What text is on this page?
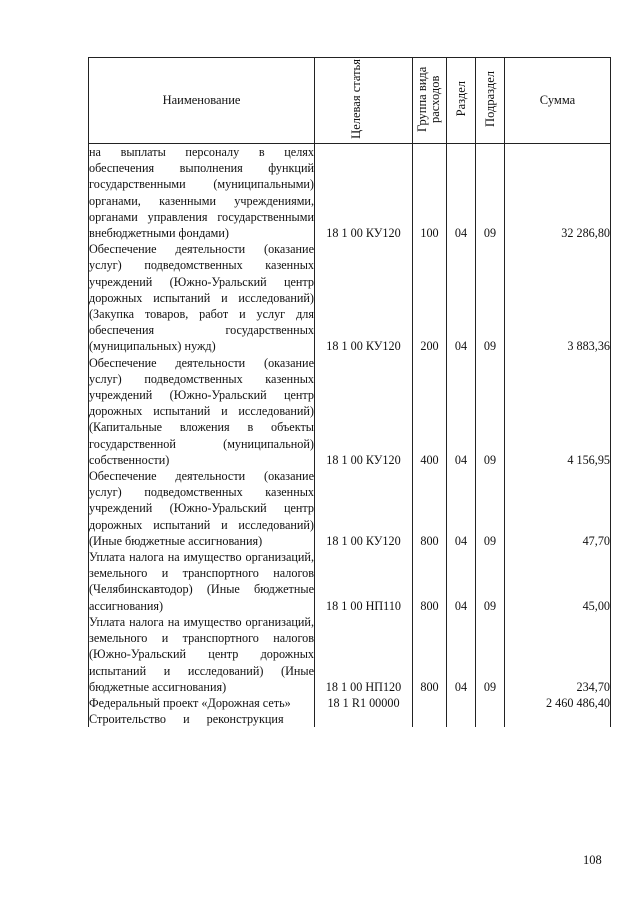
Наименование	Целевая статья	Группа вида расходов	Раздел	Подраздел	Сумма
на выплаты персоналу в целях обеспечения выполнения функций государственными (муниципальными) органами, казенными учреждениями, органами управления государственными внебюджетными фондами)	18 1 00 КУ120	100	04	09	32 286,80
Обеспечение деятельности (оказание услуг) подведомственных казенных учреждений (Южно-Уральский центр дорожных испытаний и исследований) (Закупка товаров, работ и услуг для обеспечения государственных (муниципальных) нужд)	18 1 00 КУ120	200	04	09	3 883,36
Обеспечение деятельности (оказание услуг) подведомственных казенных учреждений (Южно-Уральский центр дорожных испытаний и исследований) (Капитальные вложения в объекты государственной (муниципальной) собственности)	18 1 00 КУ120	400	04	09	4 156,95
Обеспечение деятельности (оказание услуг) подведомственных казенных учреждений (Южно-Уральский центр дорожных испытаний и исследований) (Иные бюджетные ассигнования)	18 1 00 КУ120	800	04	09	47,70
Уплата налога на имущество организаций, земельного и транспортного налогов (Челябинскавтодор) (Иные бюджетные ассигнования)	18 1 00 НП110	800	04	09	45,00
Уплата налога на имущество организаций, земельного и транспортного налогов (Южно-Уральский центр дорожных испытаний и исследований) (Иные бюджетные ассигнования)	18 1 00 НП120	800	04	09	234,70
Федеральный проект «Дорожная сеть»	18 1 R1 00000				2 460 486,40
Строительство и реконструкция					
108
